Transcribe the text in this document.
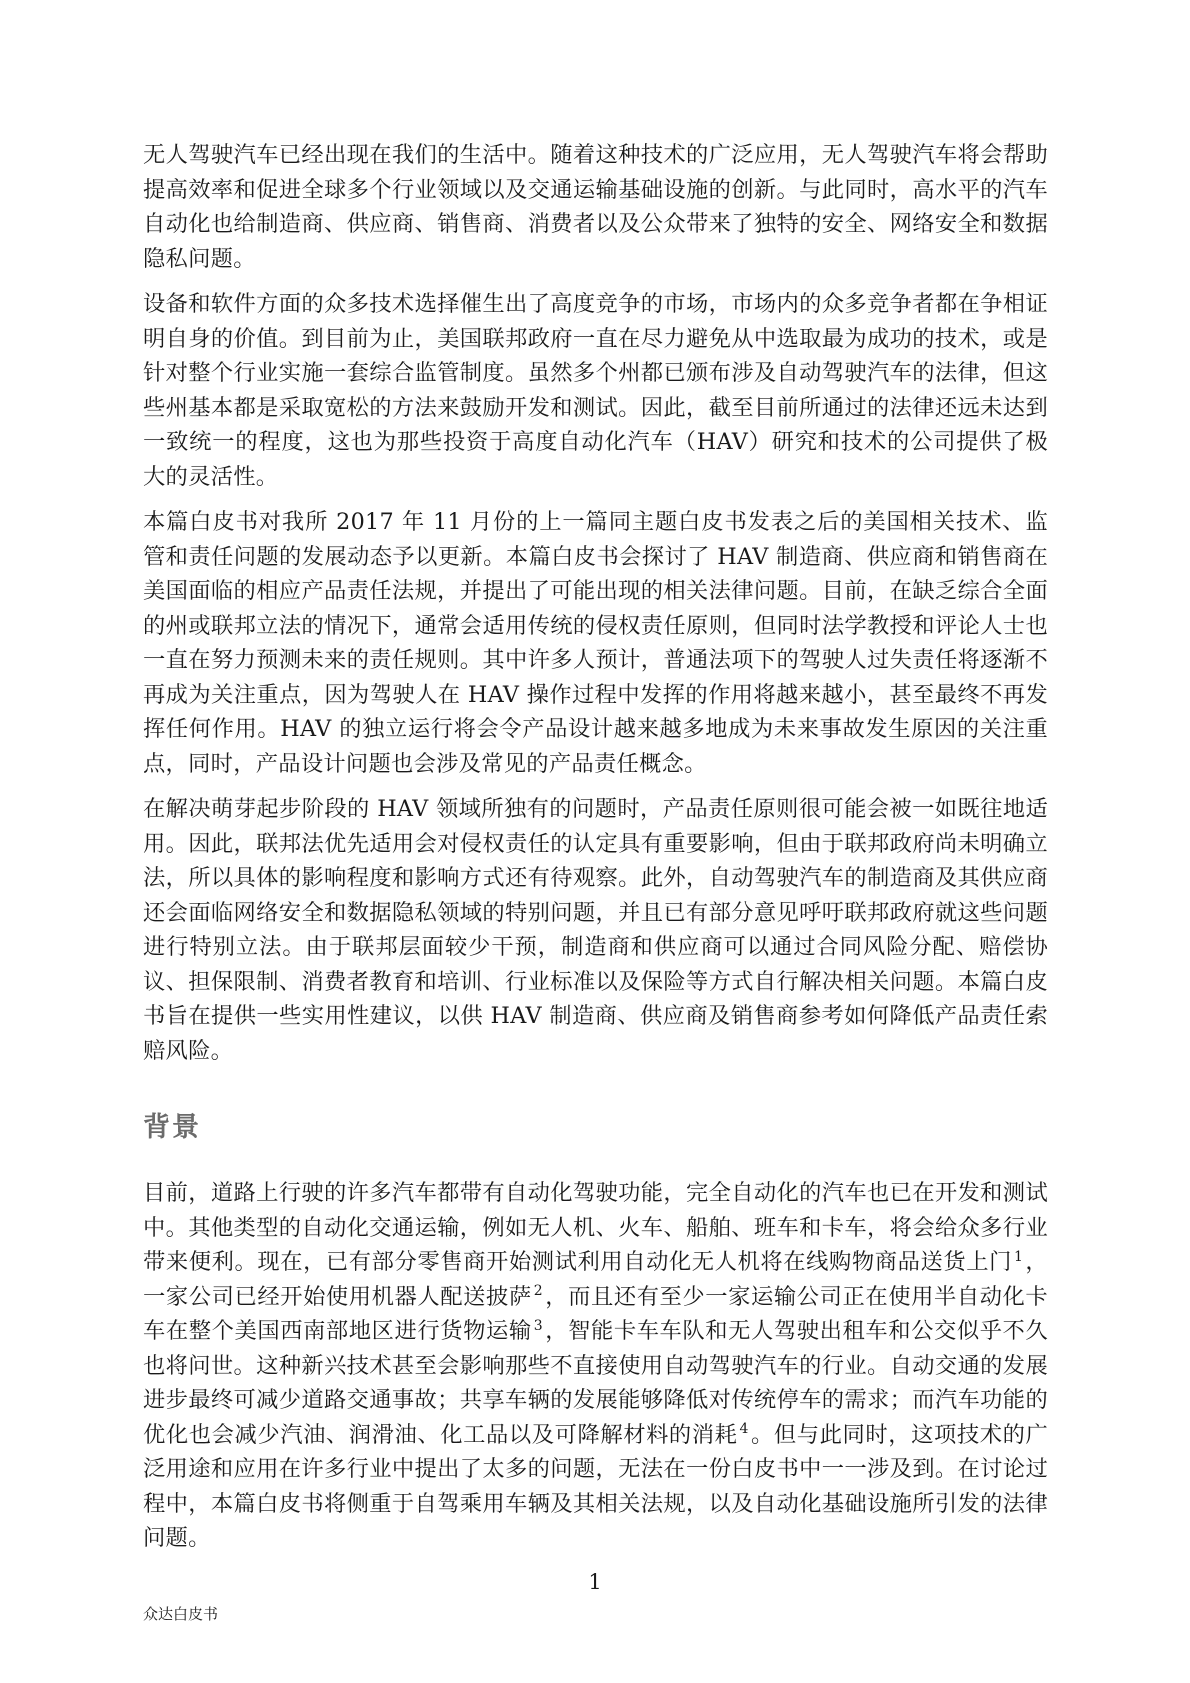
无人驾驶汽车已经出现在我们的生活中。随着这种技术的广泛应用，无人驾驶汽车将会帮助提高效率和促进全球多个行业领域以及交通运输基础设施的创新。与此同时，高水平的汽车自动化也给制造商、供应商、销售商、消费者以及公众带来了独特的安全、网络安全和数据隐私问题。

设备和软件方面的众多技术选择催生出了高度竞争的市场，市场内的众多竞争者都在争相证明自身的价值。到目前为止，美国联邦政府一直在尽力避免从中选取最为成功的技术，或是针对整个行业实施一套综合监管制度。虽然多个州都已颁布涉及自动驾驶汽车的法律，但这些州基本都是采取宽松的方法来鼓励开发和测试。因此，截至目前所通过的法律还远未达到一致统一的程度，这也为那些投资于高度自动化汽车（HAV）研究和技术的公司提供了极大的灵活性。

本篇白皮书对我所 2017 年 11 月份的上一篇同主题白皮书发表之后的美国相关技术、监管和责任问题的发展动态予以更新。本篇白皮书会探讨了 HAV 制造商、供应商和销售商在美国面临的相应产品责任法规，并提出了可能出现的相关法律问题。目前，在缺乏综合全面的州或联邦立法的情况下，通常会适用传统的侵权责任原则，但同时法学教授和评论人士也一直在努力预测未来的责任规则。其中许多人预计，普通法项下的驾驶人过失责任将逐渐不再成为关注重点，因为驾驶人在 HAV 操作过程中发挥的作用将越来越小，甚至最终不再发挥任何作用。HAV 的独立运行将会令产品设计越来越多地成为未来事故发生原因的关注重点，同时，产品设计问题也会涉及常见的产品责任概念。

在解决萌芽起步阶段的 HAV 领域所独有的问题时，产品责任原则很可能会被一如既往地适用。因此，联邦法优先适用会对侵权责任的认定具有重要影响，但由于联邦政府尚未明确立法，所以具体的影响程度和影响方式还有待观察。此外，自动驾驶汽车的制造商及其供应商还会面临网络安全和数据隐私领域的特别问题，并且已有部分意见呼吁联邦政府就这些问题进行特别立法。由于联邦层面较少干预，制造商和供应商可以通过合同风险分配、赔偿协议、担保限制、消费者教育和培训、行业标准以及保险等方式自行解决相关问题。本篇白皮书旨在提供一些实用性建议，以供 HAV 制造商、供应商及销售商参考如何降低产品责任索赔风险。

背景

目前，道路上行驶的许多汽车都带有自动化驾驶功能，完全自动化的汽车也已在开发和测试中。其他类型的自动化交通运输，例如无人机、火车、船舶、班车和卡车，将会给众多行业带来便利。现在，已有部分零售商开始测试利用自动化无人机将在线购物商品送货上门 $^1$，一家公司已经开始使用机器人配送披萨 $^2$，而且还有至少一家运输公司正在使用半自动化卡车在整个美国西南部地区进行货物运输 $^3$，智能卡车车队和无人驾驶出租车和公交似乎不久也将问世。这种新兴技术甚至会影响那些不直接使用自动驾驶汽车的行业。自动交通的发展进步最终可减少道路交通事故；共享车辆的发展能够降低对传统停车的需求；而汽车功能的优化也会减少汽油、润滑油、化工品以及可降解材料的消耗 $^4$。但与此同时，这项技术的广泛用途和应用在许多行业中提出了太多的问题，无法在一份白皮书中一一涉及到。在讨论过程中，本篇白皮书将侧重于自驾乘用车辆及其相关法规，以及自动化基础设施所引发的法律问题。

1
众达白皮书
